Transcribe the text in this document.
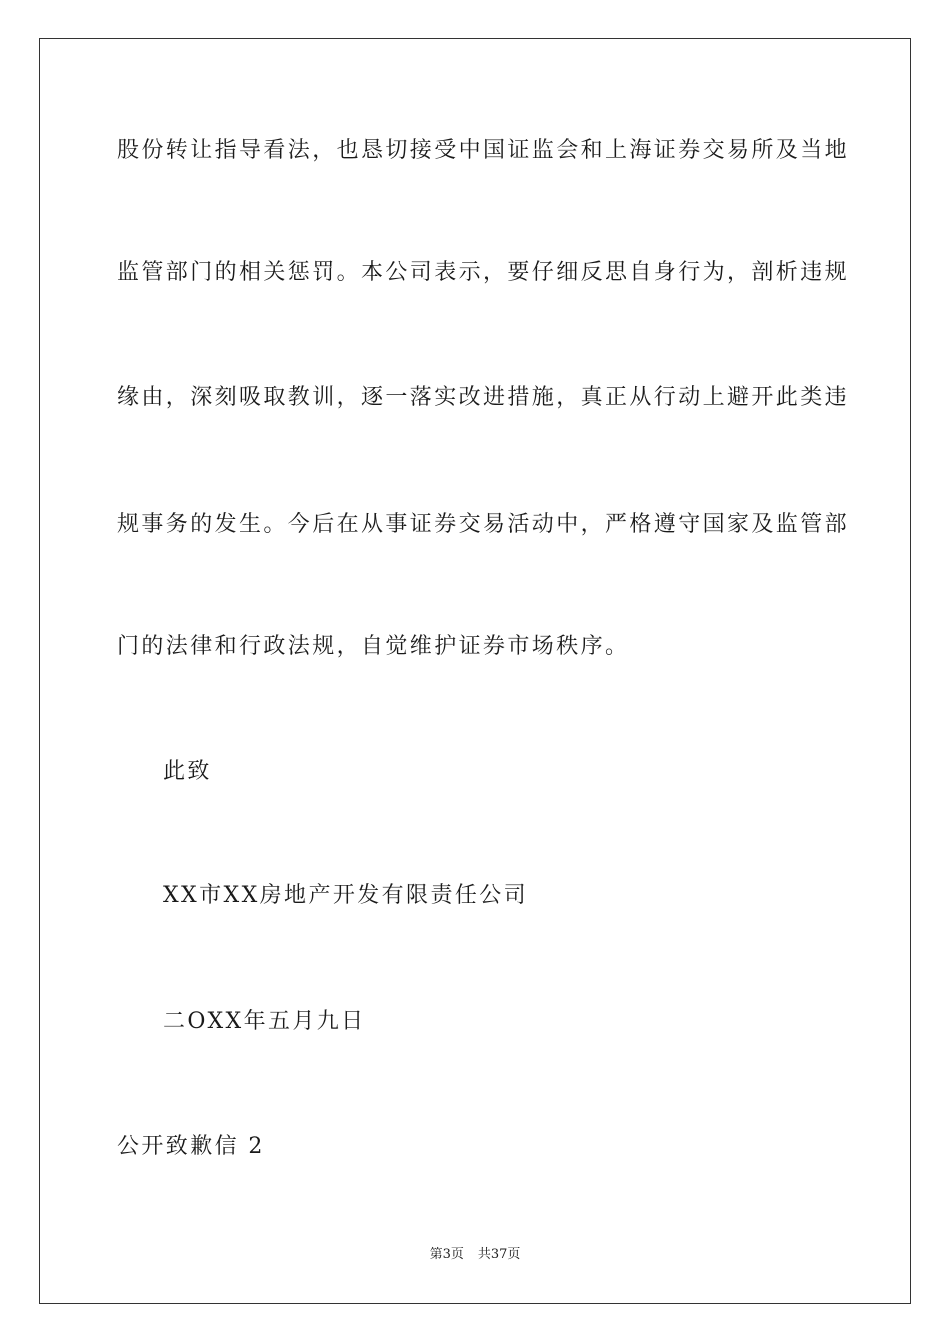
股份转让指导看法，也恳切接受中国证监会和上海证券交易所及当地
监管部门的相关惩罚。本公司表示，要仔细反思自身行为，剖析违规
缘由，深刻吸取教训，逐一落实改进措施，真正从行动上避开此类违
规事务的发生。今后在从事证券交易活动中，严格遵守国家及监管部
门的法律和行政法规，自觉维护证券市场秩序。
此致
XX市XX房地产开发有限责任公司
二OXX年五月九日
公开致歉信 2
第3页 共37页
